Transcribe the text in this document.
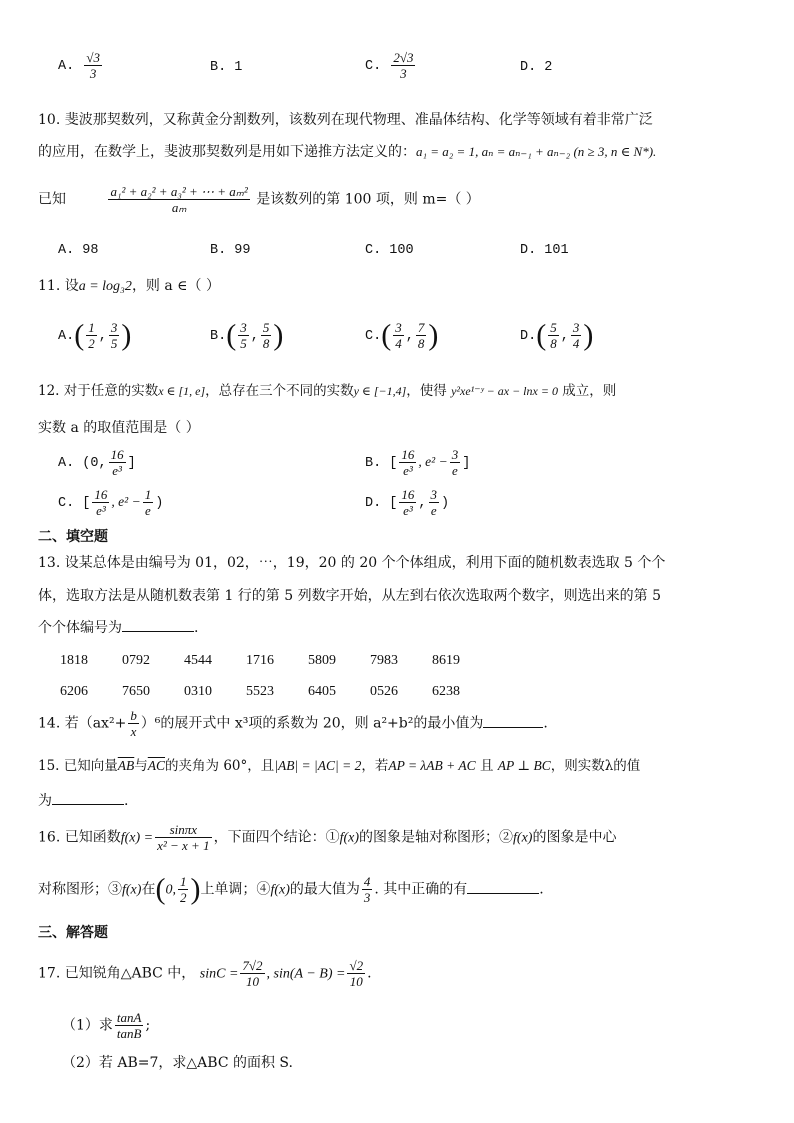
A. $\frac{√3}{3}$	B. 1	C. $\frac{2√3}{3}$	D. 2
10. 斐波那契数列，又称黄金分割数列，该数列在现代物理、准晶体结构、化学等领域有着非常广泛
的应用，在数学上，斐波那契数列是用如下递推方法定义的：a₁ = a₂ = 1, aₙ = aₙ₋₁ + aₙ₋₂ (n ≥ 3, n ∈ N*).
已知	$\frac{\text{a₁² + a₂² + a₃² + ⋯ + aₘ²}}{\text{aₘ}}$ 是该数列的第 100 项，则 m=（ ）
A. 98	B. 99	C. 100	D. 101
11. 设a = log₃2，则 a ∈（ ）
$A.( \frac{1}{2}$ , $\frac{3}{5}$ )	$B.( \frac{3}{5}$ , $\frac{5}{8}$ )	$C.( \frac{3}{4}$ , $\frac{7}{8}$ )	$D.( \frac{5}{8}$ , $\frac{3}{4}$ )
12. 对于任意的实数x ∈ [1, e]，总存在三个不同的实数y ∈ [−1,4]，使得 y²xe¹⁻ʸ − ax − lnx = 0 成立，则
实数 a 的取值范围是（ ）
A. (0, $\frac{16}{\text{e³}}$ ]	B. [ $\frac{16}{\text{e³}}$ , $e^2 - \frac{3}{e}$ ]
C. [ $\frac{16}{\text{e³}}$ , $e^2 - \frac{1}{e}$ )	D. [ $\frac{16}{\text{e³}}$ , $\frac{3}{e}$ )
二、填空题
13. 设某总体是由编号为 01，02，⋯，19，20 的 20 个个体组成，利用下面的随机数表选取 5 个个
体，选取方法是从随机数表第 1 行的第 5 列数字开始，从左到右依次选取两个数字，则选出来的第 5
个个体编号为	.
1818 0792 4544 1716 5809 7983 8619
6206 7650 0310 5523 6405 0526 6238
14. 若$(ax^2+ \frac{b}{x} )^6$的展开式中 x³项的系数为 20，则 a²+b²的最小值为	.
15. 已知向量$\overline{AB}$与$\overline{AC}$的夹角为 60°，且|AB| = |AC| = 2，若AP = λAB + AC 且 AP ⊥ BC，则实数λ的值
为	.
16. 已知函数$f(x) = \frac{\sin\pi x}{\text{x² − x + 1}}$ ，下面四个结论：①f(x)的图象是轴对称图形；②f(x)的图象是中心
对称图形；③f(x)在(0, $\frac{1}{2}$ )上单调；④f(x)的最大值为 $\frac{4}{3}$ . 其中正确的有	.
三、解答题
17. 已知锐角△ABC 中， $\sin C = \frac{7√2}{10}$ , $\sin(A - B) = \frac{√2}{10}$ .
（1）求 $\frac{\tan A}{\tan B}$ ;
（2）若 AB=7，求△ABC 的面积 S.
